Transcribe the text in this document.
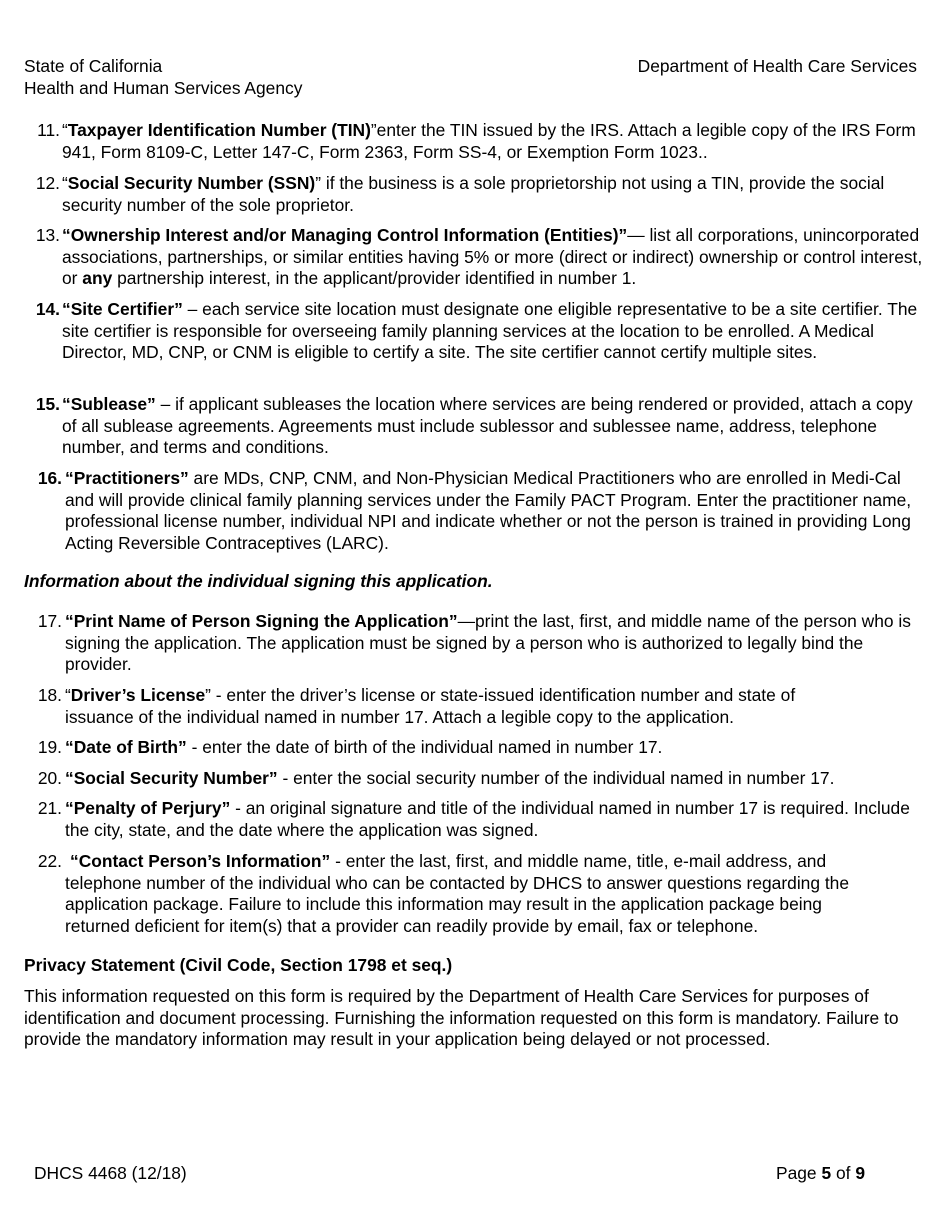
State of California
Health and Human Services Agency
Department of Health Care Services
11. “Taxpayer Identification Number (TIN)”enter the TIN issued by the IRS. Attach a legible copy of the IRS Form 941, Form 8109-C, Letter 147-C, Form 2363, Form SS-4, or Exemption Form 1023..
12. “Social Security Number (SSN)” if the business is a sole proprietorship not using a TIN, provide the social security number of the sole proprietor.
13. “Ownership Interest and/or Managing Control Information (Entities)”— list all corporations, unincorporated associations, partnerships, or similar entities having 5% or more (direct or indirect) ownership or control interest, or any partnership interest, in the applicant/provider identified in number 1.
14. “Site Certifier” – each service site location must designate one eligible representative to be a site certifier. The site certifier is responsible for overseeing family planning services at the location to be enrolled. A Medical Director, MD, CNP, or CNM is eligible to certify a site. The site certifier cannot certify multiple sites.
15. “Sublease” – if applicant subleases the location where services are being rendered or provided, attach a copy of all sublease agreements. Agreements must include sublessor and sublessee name, address, telephone number, and terms and conditions.
16. “Practitioners” are MDs, CNP, CNM, and Non-Physician Medical Practitioners who are enrolled in Medi-Cal and will provide clinical family planning services under the Family PACT Program. Enter the practitioner name, professional license number, individual NPI and indicate whether or not the person is trained in providing Long Acting Reversible Contraceptives (LARC).
Information about the individual signing this application.
17. “Print Name of Person Signing the Application”—print the last, first, and middle name of the person who is signing the application. The application must be signed by a person who is authorized to legally bind the provider.
18. “Driver’s License” - enter the driver’s license or state-issued identification number and state of issuance of the individual named in number 17. Attach a legible copy to the application.
19. “Date of Birth” - enter the date of birth of the individual named in number 17.
20. “Social Security Number” - enter the social security number of the individual named in number 17.
21. “Penalty of Perjury” - an original signature and title of the individual named in number 17 is required. Include the city, state, and the date where the application was signed.
22. “Contact Person’s Information” - enter the last, first, and middle name, title, e-mail address, and telephone number of the individual who can be contacted by DHCS to answer questions regarding the application package. Failure to include this information may result in the application package being returned deficient for item(s) that a provider can readily provide by email, fax or telephone.
Privacy Statement (Civil Code, Section 1798 et seq.)
This information requested on this form is required by the Department of Health Care Services for purposes of identification and document processing. Furnishing the information requested on this form is mandatory. Failure to provide the mandatory information may result in your application being delayed or not processed.
DHCS 4468 (12/18)	Page 5 of 9
